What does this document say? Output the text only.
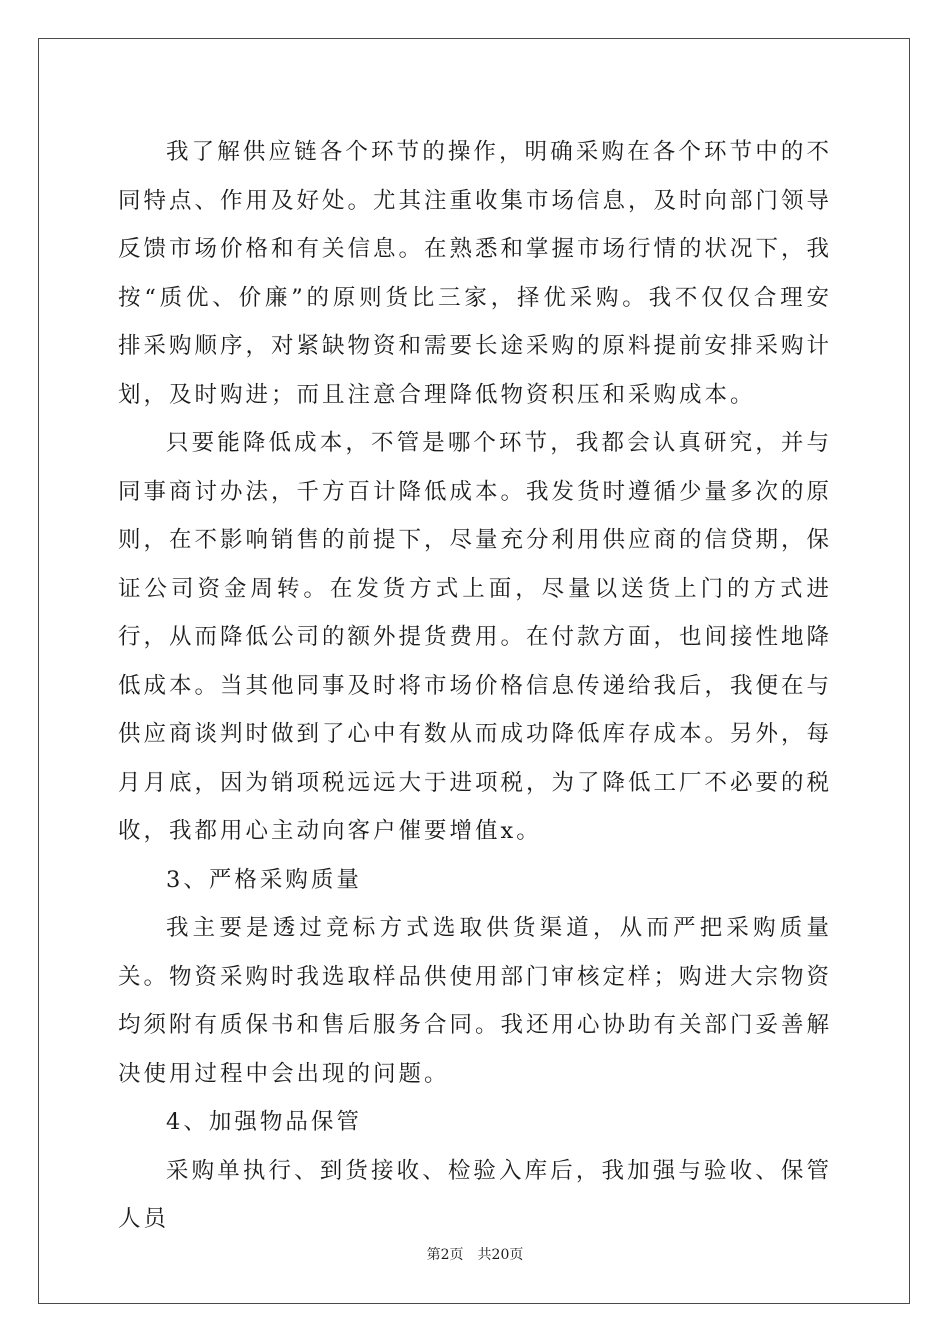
我了解供应链各个环节的操作，明确采购在各个环节中的不同特点、作用及好处。尤其注重收集市场信息，及时向部门领导反馈市场价格和有关信息。在熟悉和掌握市场行情的状况下，我按“质优、价廉”的原则货比三家，择优采购。我不仅仅合理安排采购顺序，对紧缺物资和需要长途采购的原料提前安排采购计划，及时购进；而且注意合理降低物资积压和采购成本。

只要能降低成本，不管是哪个环节，我都会认真研究，并与同事商讨办法，千方百计降低成本。我发货时遵循少量多次的原则，在不影响销售的前提下，尽量充分利用供应商的信贷期，保证公司资金周转。在发货方式上面，尽量以送货上门的方式进行，从而降低公司的额外提货费用。在付款方面，也间接性地降低成本。当其他同事及时将市场价格信息传递给我后，我便在与供应商谈判时做到了心中有数从而成功降低库存成本。另外，每月月底，因为销项税远远大于进项税，为了降低工厂不必要的税收，我都用心主动向客户催要增值x。

3、严格采购质量

我主要是透过竞标方式选取供货渠道，从而严把采购质量关。物资采购时我选取样品供使用部门审核定样；购进大宗物资均须附有质保书和售后服务合同。我还用心协助有关部门妥善解决使用过程中会出现的问题。

4、加强物品保管

采购单执行、到货接收、检验入库后，我加强与验收、保管人员

第2页　共20页
